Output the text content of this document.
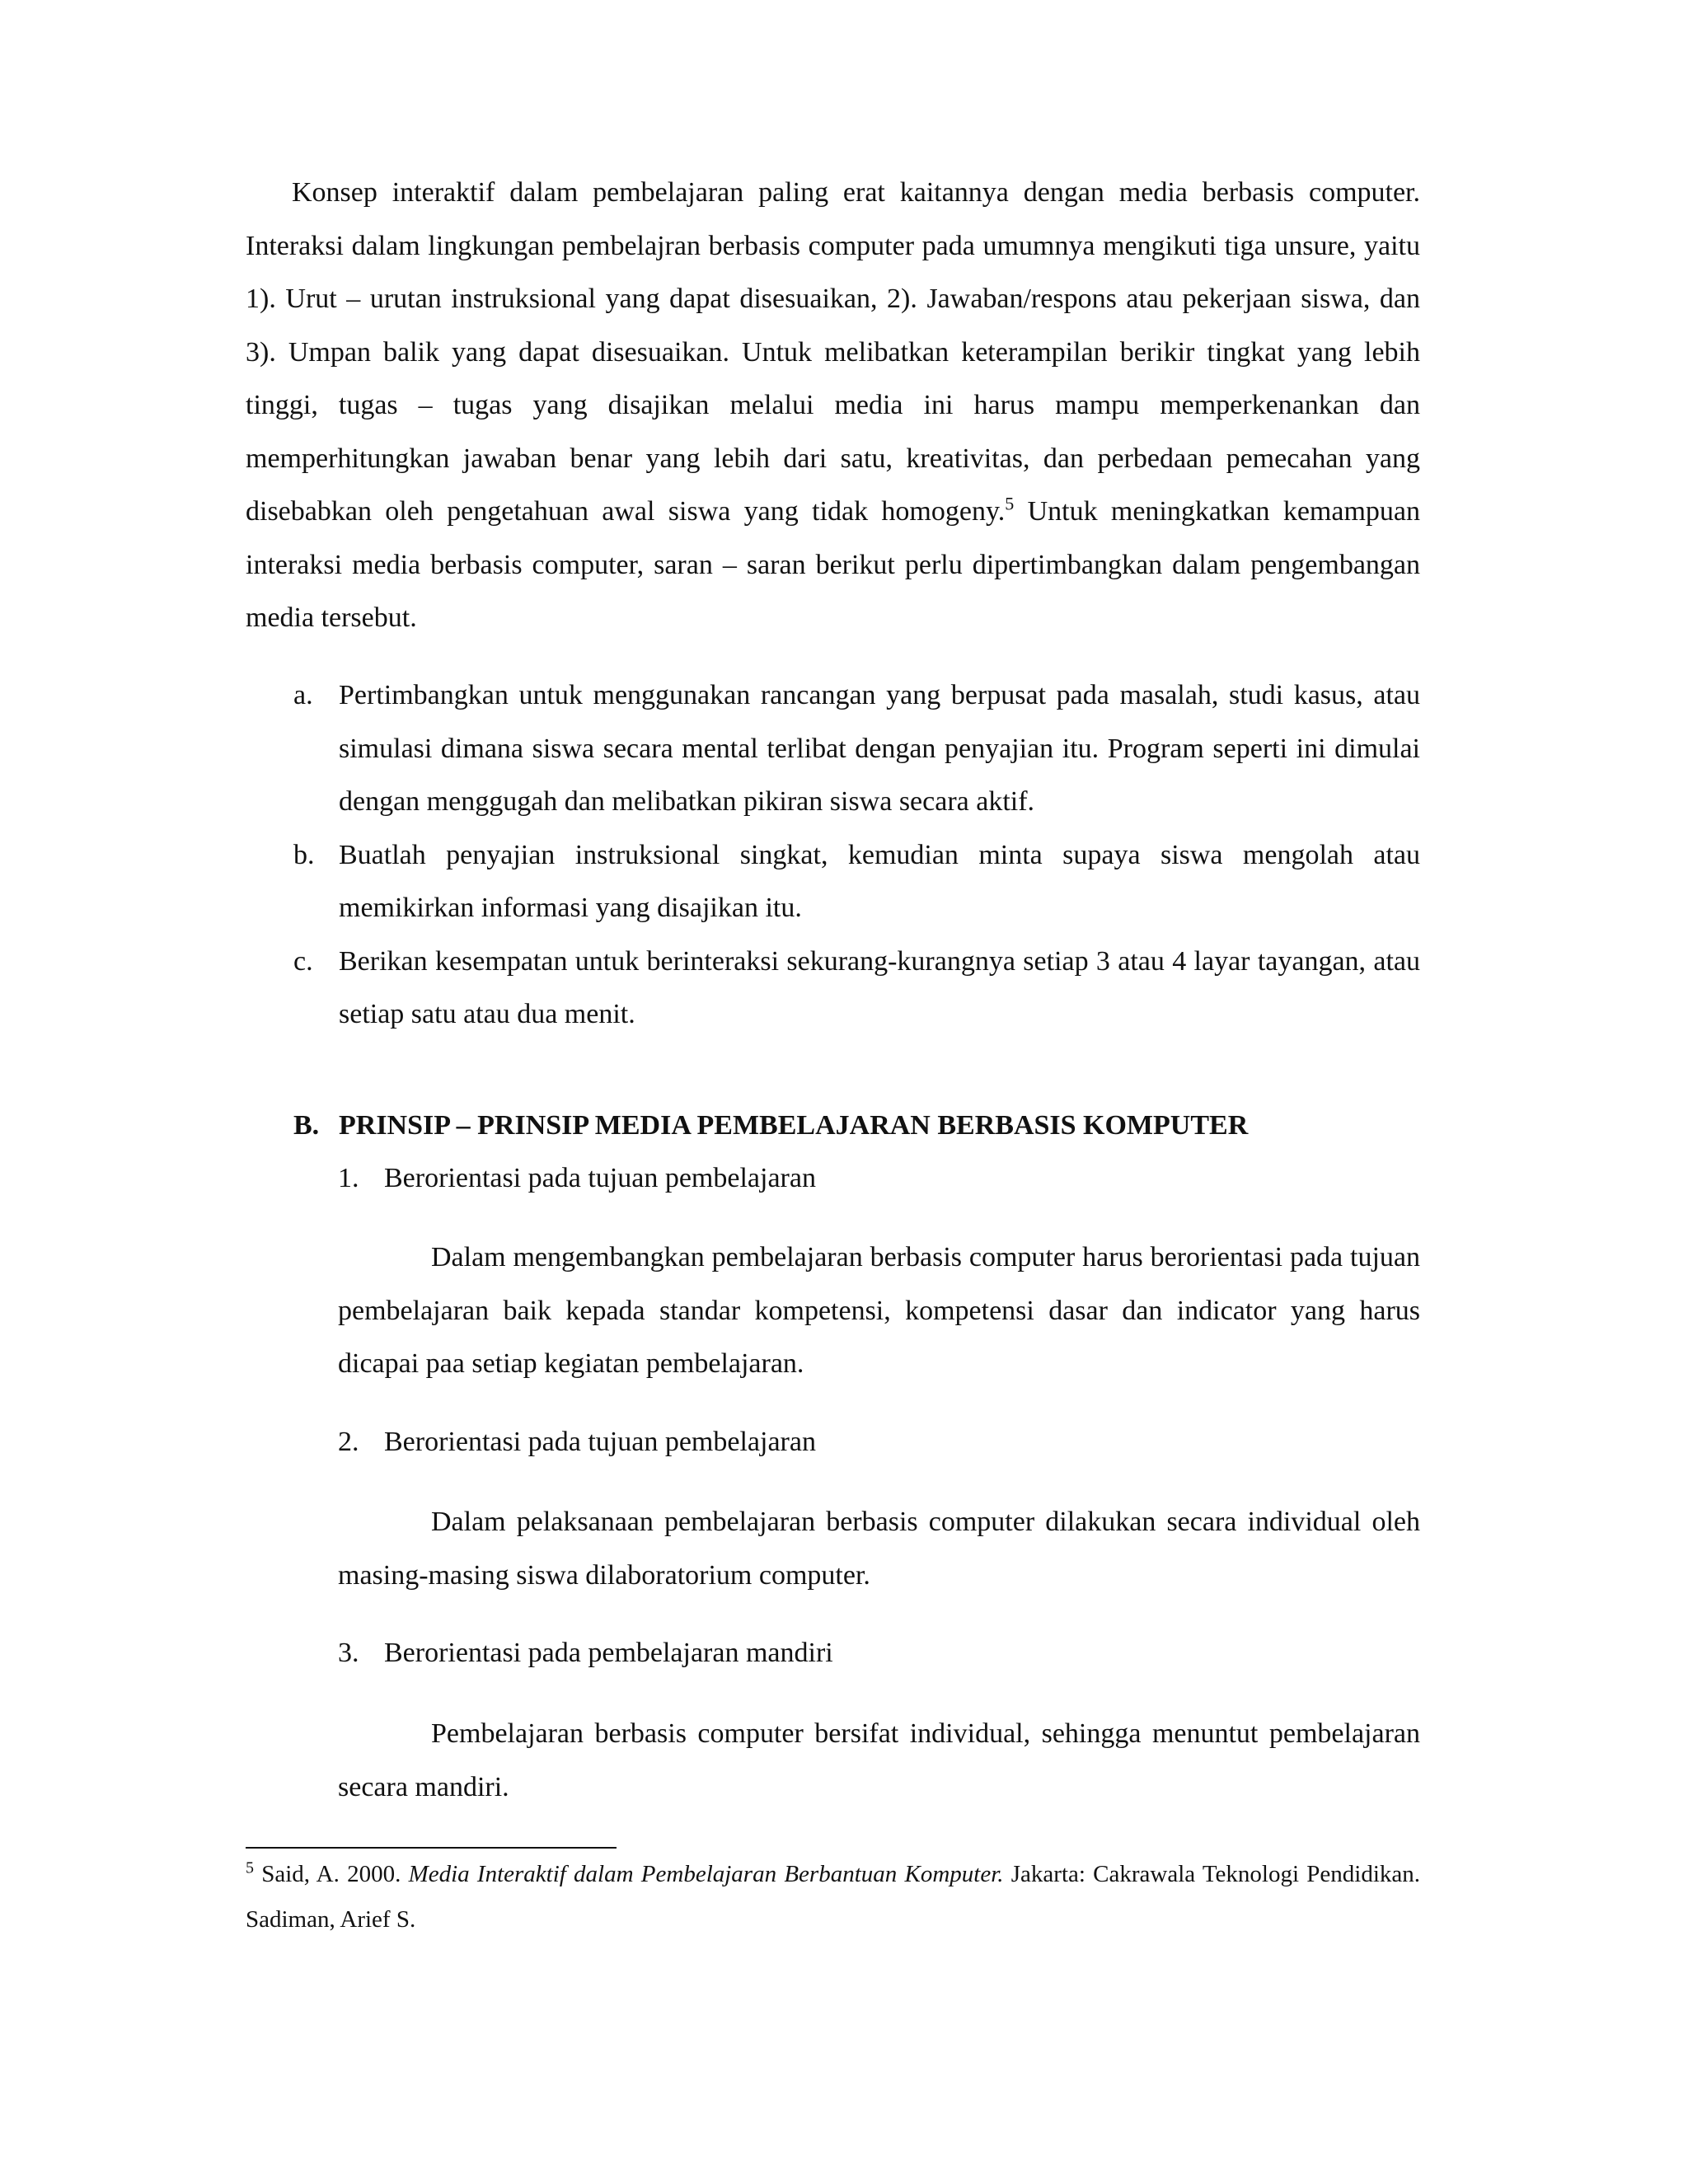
Konsep interaktif dalam pembelajaran paling erat kaitannya dengan media berbasis computer. Interaksi dalam lingkungan pembelajran berbasis computer pada umumnya mengikuti tiga unsure, yaitu 1). Urut – urutan instruksional yang dapat disesuaikan, 2). Jawaban/respons atau pekerjaan siswa, dan 3). Umpan balik yang dapat disesuaikan. Untuk melibatkan keterampilan berikir tingkat yang lebih tinggi, tugas – tugas yang disajikan melalui media ini harus mampu memperkenankan dan memperhitungkan jawaban benar yang lebih dari satu, kreativitas, dan perbedaan pemecahan yang disebabkan oleh pengetahuan awal siswa yang tidak homogeny.$^5$ Untuk meningkatkan kemampuan interaksi media berbasis computer, saran – saran berikut perlu dipertimbangkan dalam pengembangan media tersebut.

a. Pertimbangkan untuk menggunakan rancangan yang berpusat pada masalah, studi kasus, atau simulasi dimana siswa secara mental terlibat dengan penyajian itu. Program seperti ini dimulai dengan menggugah dan melibatkan pikiran siswa secara aktif.
b. Buatlah penyajian instruksional singkat, kemudian minta supaya siswa mengolah atau memikirkan informasi yang disajikan itu.
c. Berikan kesempatan untuk berinteraksi sekurang-kurangnya setiap 3 atau 4 layar tayangan, atau setiap satu atau dua menit.
B. PRINSIP – PRINSIP MEDIA PEMBELAJARAN BERBASIS KOMPUTER

1. Berorientasi pada tujuan pembelajaran

Dalam mengembangkan pembelajaran berbasis computer harus berorientasi pada tujuan pembelajaran baik kepada standar kompetensi, kompetensi dasar dan indicator yang harus dicapai paa setiap kegiatan pembelajaran.

2. Berorientasi pada tujuan pembelajaran

Dalam pelaksanaan pembelajaran berbasis computer dilakukan secara individual oleh masing-masing siswa dilaboratorium computer.

3. Berorientasi pada pembelajaran mandiri

Pembelajaran berbasis computer bersifat individual, sehingga menuntut pembelajaran secara mandiri.

$^5$ Said, A. 2000. Media Interaktif dalam Pembelajaran Berbantuan Komputer. Jakarta: Cakrawala Teknologi Pendidikan. Sadiman, Arief S.
